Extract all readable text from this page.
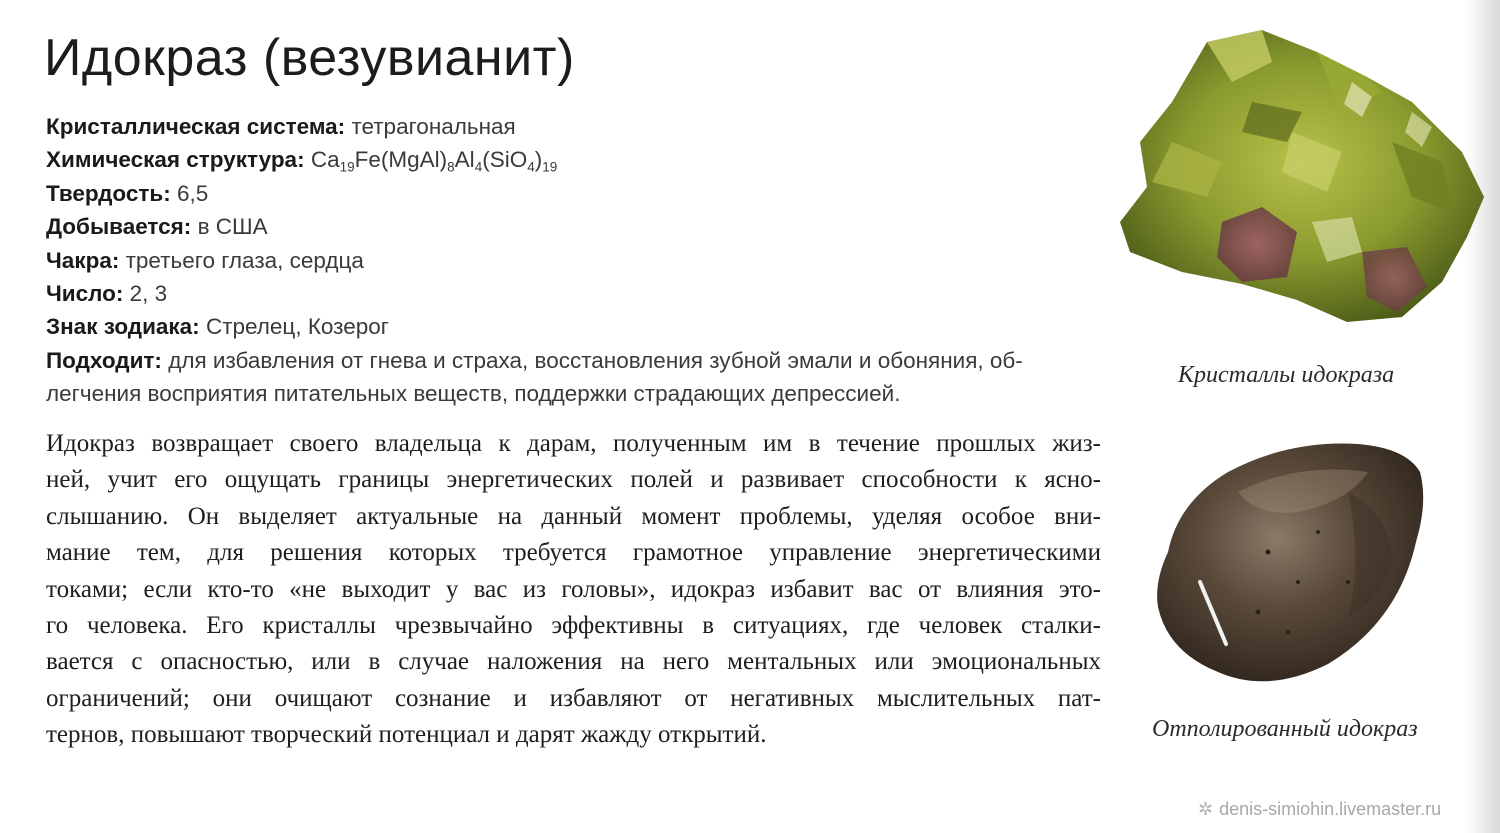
Идокраз (везувианит)
Кристаллическая система: тетрагональная
Химическая структура: $Ca_{19}Fe(MgAl)_8Al_4(SiO_4)_{19}$
Твердость: 6,5
Добывается: в США
Чакра: третьего глаза, сердца
Число: 2, 3
Знак зодиака: Стрелец, Козерог
Подходит: для избавления от гнева и страха, восстановления зубной эмали и обоняния, об-
легчения восприятия питательных веществ, поддержки страдающих депрессией.
Идокраз возвращает своего владельца к дарам, полученным им в течение прошлых жиз-
ней, учит его ощущать границы энергетических полей и развивает способности к ясно-
слышанию. Он выделяет актуальные на данный момент проблемы, уделяя особое вни-
мание тем, для решения которых требуется грамотное управление энергетическими
токами; если кто-то «не выходит у вас из головы», идокраз избавит вас от влияния это-
го человека. Его кристаллы чрезвычайно эффективны в ситуациях, где человек сталки-
вается с опасностью, или в случае наложения на него ментальных или эмоциональных
ограничений; они очищают сознание и избавляют от негативных мыслительных пат-
тернов, повышают творческий потенциал и дарят жажду открытий.
Кристаллы идокраза
Отполированный идокраз
✲ denis-simiohin.livemaster.ru
